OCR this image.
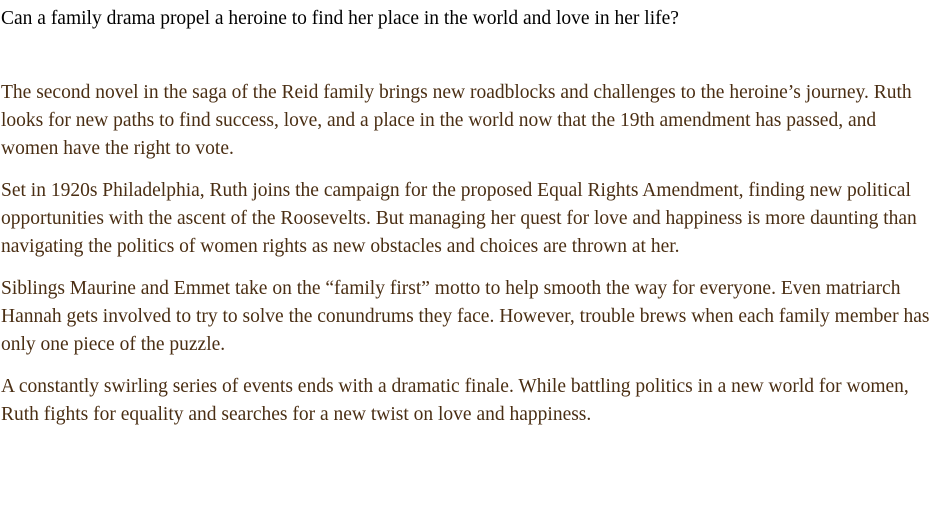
Can a family drama propel a heroine to find her place in the world and love in her life?

The second novel in the saga of the Reid family brings new roadblocks and challenges to the heroine’s journey. Ruth looks for new paths to find success, love, and a place in the world now that the 19th amendment has passed, and women have the right to vote.

Set in 1920s Philadelphia, Ruth joins the campaign for the proposed Equal Rights Amendment, finding new political opportunities with the ascent of the Roosevelts. But managing her quest for love and happiness is more daunting than navigating the politics of women rights as new obstacles and choices are thrown at her.

Siblings Maurine and Emmet take on the “family first” motto to help smooth the way for everyone. Even matriarch Hannah gets involved to try to solve the conundrums they face. However, trouble brews when each family member has only one piece of the puzzle.

A constantly swirling series of events ends with a dramatic finale. While battling politics in a new world for women, Ruth fights for equality and searches for a new twist on love and happiness.
